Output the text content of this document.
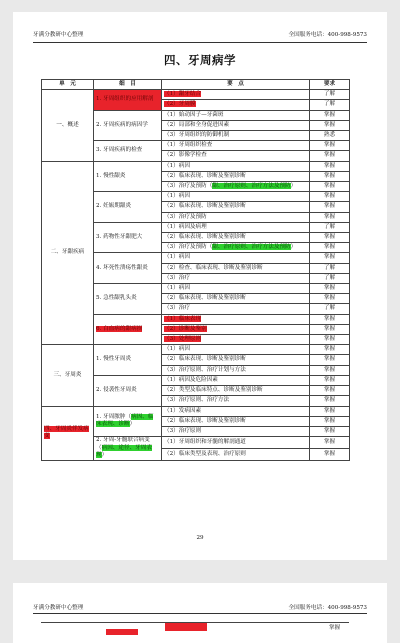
牙满分教研中心整理	全国服务电话：400-998-9573
四、牙周病学
单　元	细　目	要　点	要求
一、概述	1. 牙周组织的应用解剖	（1）龈牙结合	了解
		（2）牙周膜	了解
	2. 牙周疾病的病因学	（1）始动因子—牙菌斑	掌握
		（2）局部和全身促进因素	掌握
		（3）牙周组织的防御机制	熟悉
	3. 牙周疾病的检查	（1）牙周组织检查	掌握
		（2）影像学检查	掌握
二、牙龈疾病	1. 慢性龈炎	（1）病因	掌握
		（2）临床表现、诊断及鉴别诊断	掌握
		（3）治疗及预防（龈、治疗原则、治疗方法及预防）	掌握
	2. 妊娠期龈炎	（1）病因	掌握
		（2）临床表现、诊断及鉴别诊断	掌握
		（3）治疗及预防	掌握
	3. 药物性牙龈肥大	（1）病因及病理	了解
		（2）临床表现、诊断及鉴别诊断	掌握
		（3）治疗及预防（龈、治疗原则、治疗方法及预防）	掌握
	4. 坏死性溃疡性龈炎	（1）病因	掌握
		（2）检查、临床表现、诊断及鉴别诊断	了解
		（3）治疗	了解
	5. 急性龈乳头炎	（1）病因	掌握
		（2）临床表现、诊断及鉴别诊断	掌握
		（3）治疗	了解
	6. 白血病的龈病损	（1）临床表现	掌握
		（2）诊断及鉴别	掌握
		（3）处理原则	掌握
三、牙周炎	1. 慢性牙周炎	（1）病因	掌握
		（2）临床表现、诊断及鉴别诊断	掌握
		（3）治疗原则、治疗计划与方法	掌握
	2. 侵袭性牙周炎	（1）病因及危险因素	掌握
		（2）类型及临床特点、诊断及鉴别诊断	掌握
		（3）治疗原则、治疗方法	掌握
四、牙周炎伴发病变	1. 牙周脓肿（病因、临床表现、诊断）	（1）发病因素	掌握
		（2）临床表现、诊断及鉴别诊断	掌握
		（3）治疗原则	掌握
	2. 牙周-牙髓联合病变（病因、途径、牙周表现）	（1）牙周组织和牙髓的解剖通道	掌握
		（2）临床类型及表现、治疗原则	掌握
29
牙满分教研中心整理	全国服务电话：400-998-9573
掌握
